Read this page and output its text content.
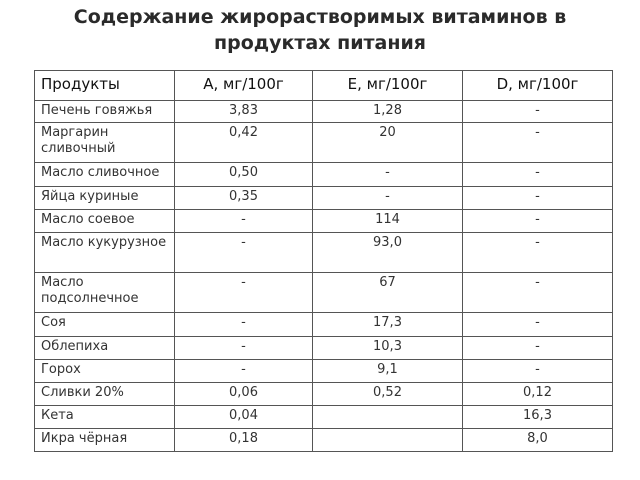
Содержание жирорастворимых витаминов в
продуктах питания
Продукты	А, мг/100г	Е, мг/100г	D, мг/100г
Печень говяжья	3,83	1,28	-
Маргарин сливочный	0,42	20	-
Масло сливочное	0,50	-	-
Яйца куриные	0,35	-	-
Масло соевое	-	114	-
Масло кукурузное	-	93,0	-
Масло подсолнечное	-	67	-
Соя	-	17,3	-
Облепиха	-	10,3	-
Горох	-	9,1	-
Сливки 20%	0,06	0,52	0,12
Кета	0,04		16,3
Икра чёрная	0,18		8,0
